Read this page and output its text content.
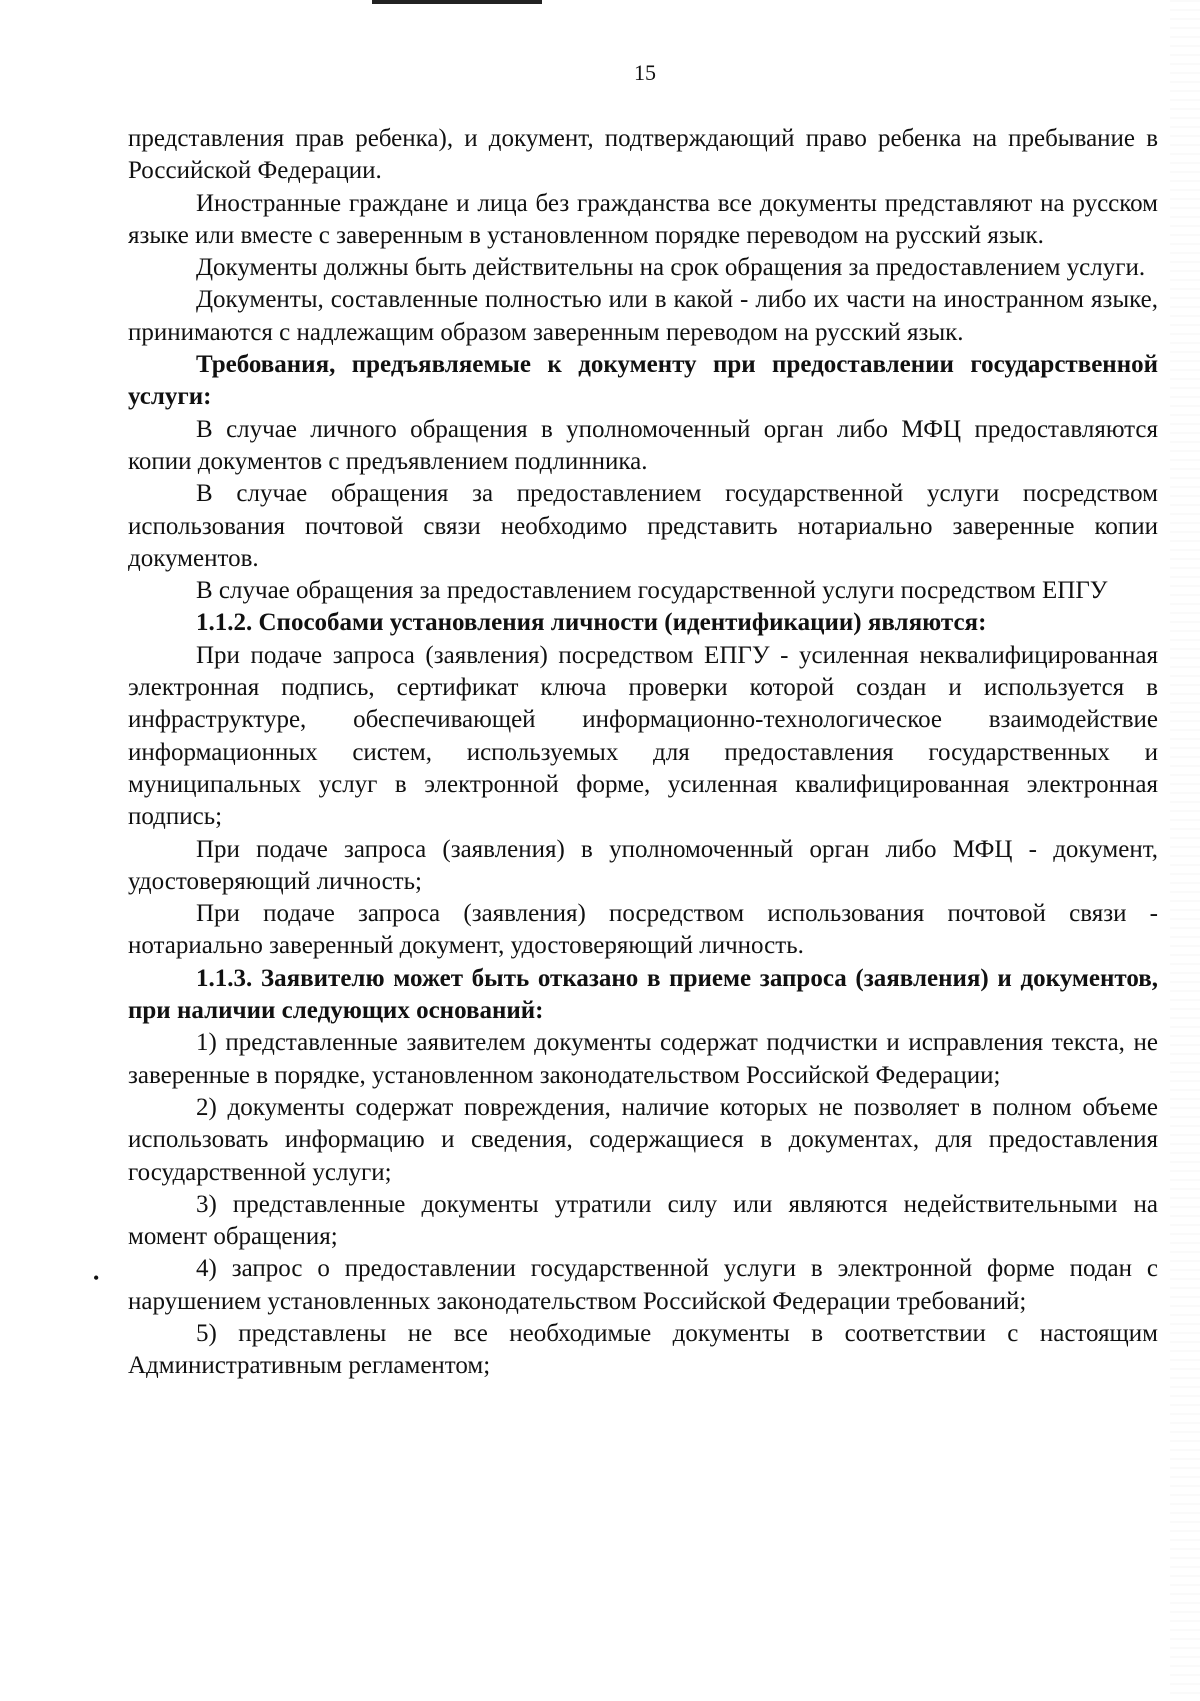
15

представления прав ребенка), и документ, подтверждающий право ребенка на пребывание в Российской Федерации.

Иностранные граждане и лица без гражданства все документы представляют на русском языке или вместе с заверенным в установленном порядке переводом на русский язык.

Документы должны быть действительны на срок обращения за предоставлением услуги.

Документы, составленные полностью или в какой - либо их части на иностранном языке, принимаются с надлежащим образом заверенным переводом на русский язык.

Требования, предъявляемые к документу при предоставлении государственной услуги:

В случае личного обращения в уполномоченный орган либо МФЦ предоставляются копии документов с предъявлением подлинника.

В случае обращения за предоставлением государственной услуги посредством использования почтовой связи необходимо представить нотариально заверенные копии документов.

В случае обращения за предоставлением государственной услуги посредством ЕПГУ

1.1.2. Способами установления личности (идентификации) являются:

При подаче запроса (заявления) посредством ЕПГУ - усиленная неквалифицированная электронная подпись, сертификат ключа проверки которой создан и используется в инфраструктуре, обеспечивающей информационно-технологическое взаимодействие информационных систем, используемых для предоставления государственных и муниципальных услуг в электронной форме, усиленная квалифицированная электронная подпись;

При подаче запроса (заявления) в уполномоченный орган либо МФЦ - документ, удостоверяющий личность;

При подаче запроса (заявления) посредством использования почтовой связи - нотариально заверенный документ, удостоверяющий личность.

1.1.3. Заявителю может быть отказано в приеме запроса (заявления) и документов, при наличии следующих оснований:

1) представленные заявителем документы содержат подчистки и исправления текста, не заверенные в порядке, установленном законодательством Российской Федерации;

2) документы содержат повреждения, наличие которых не позволяет в полном объеме использовать информацию и сведения, содержащиеся в документах, для предоставления государственной услуги;

3) представленные документы утратили силу или являются недействительными на момент обращения;

4) запрос о предоставлении государственной услуги в электронной форме подан с нарушением установленных законодательством Российской Федерации требований;

5) представлены не все необходимые документы в соответствии с настоящим Административным регламентом;

•
